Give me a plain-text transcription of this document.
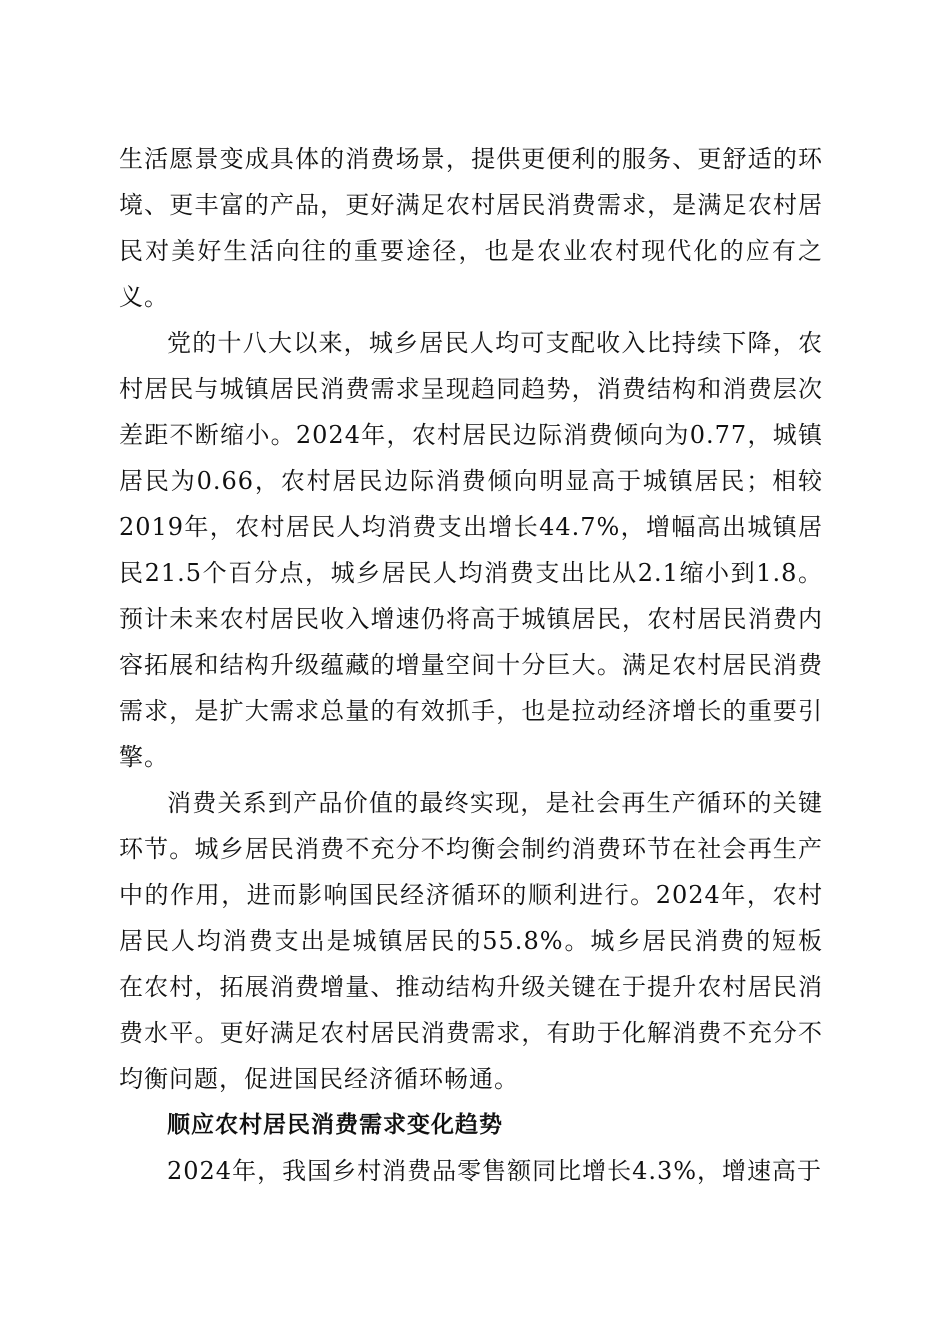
生活愿景变成具体的消费场景，提供更便利的服务、更舒适的环境、更丰富的产品，更好满足农村居民消费需求，是满足农村居民对美好生活向往的重要途径，也是农业农村现代化的应有之义。

党的十八大以来，城乡居民人均可支配收入比持续下降，农村居民与城镇居民消费需求呈现趋同趋势，消费结构和消费层次差距不断缩小。2024年，农村居民边际消费倾向为0.77，城镇居民为0.66，农村居民边际消费倾向明显高于城镇居民；相较2019年，农村居民人均消费支出增长44.7%，增幅高出城镇居民21.5个百分点，城乡居民人均消费支出比从2.1缩小到1.8。预计未来农村居民收入增速仍将高于城镇居民，农村居民消费内容拓展和结构升级蕴藏的增量空间十分巨大。满足农村居民消费需求，是扩大需求总量的有效抓手，也是拉动经济增长的重要引擎。

消费关系到产品价值的最终实现，是社会再生产循环的关键环节。城乡居民消费不充分不均衡会制约消费环节在社会再生产中的作用，进而影响国民经济循环的顺利进行。2024年，农村居民人均消费支出是城镇居民的55.8%。城乡居民消费的短板在农村，拓展消费增量、推动结构升级关键在于提升农村居民消费水平。更好满足农村居民消费需求，有助于化解消费不充分不均衡问题，促进国民经济循环畅通。

顺应农村居民消费需求变化趋势

2024年，我国乡村消费品零售额同比增长4.3%，增速高于
